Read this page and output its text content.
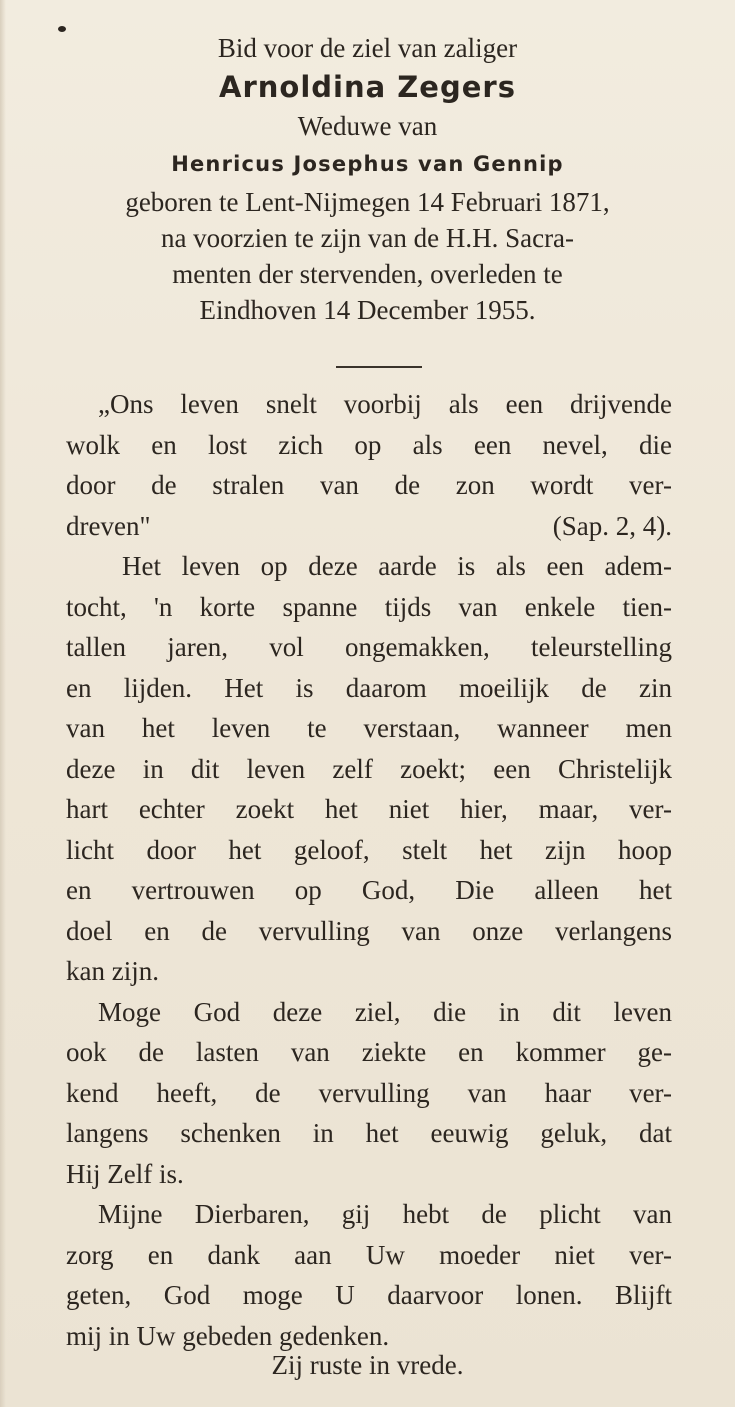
Bid voor de ziel van zaliger
Arnoldina Zegers
Weduwe van
Henricus Josephus van Gennip
geboren te Lent-Nijmegen 14 Februari 1871,
na voorzien te zijn van de H.H. Sacra-
menten der stervenden, overleden te
Eindhoven 14 December 1955.
„Ons leven snelt voorbij als een drijvende
wolk en lost zich op als een nevel, die
door de stralen van de zon wordt ver-
dreven"	(Sap. 2, 4).
Het leven op deze aarde is als een adem-
tocht, 'n korte spanne tijds van enkele tien-
tallen jaren, vol ongemakken, teleurstelling
en lijden. Het is daarom moeilijk de zin
van het leven te verstaan, wanneer men
deze in dit leven zelf zoekt; een Christelijk
hart echter zoekt het niet hier, maar, ver-
licht door het geloof, stelt het zijn hoop
en vertrouwen op God, Die alleen het
doel en de vervulling van onze verlangens
kan zijn.
Moge God deze ziel, die in dit leven
ook de lasten van ziekte en kommer ge-
kend heeft, de vervulling van haar ver-
langens schenken in het eeuwig geluk, dat
Hij Zelf is.
Mijne Dierbaren, gij hebt de plicht van
zorg en dank aan Uw moeder niet ver-
geten, God moge U daarvoor lonen. Blijft
mij in Uw gebeden gedenken.
Zij ruste in vrede.
